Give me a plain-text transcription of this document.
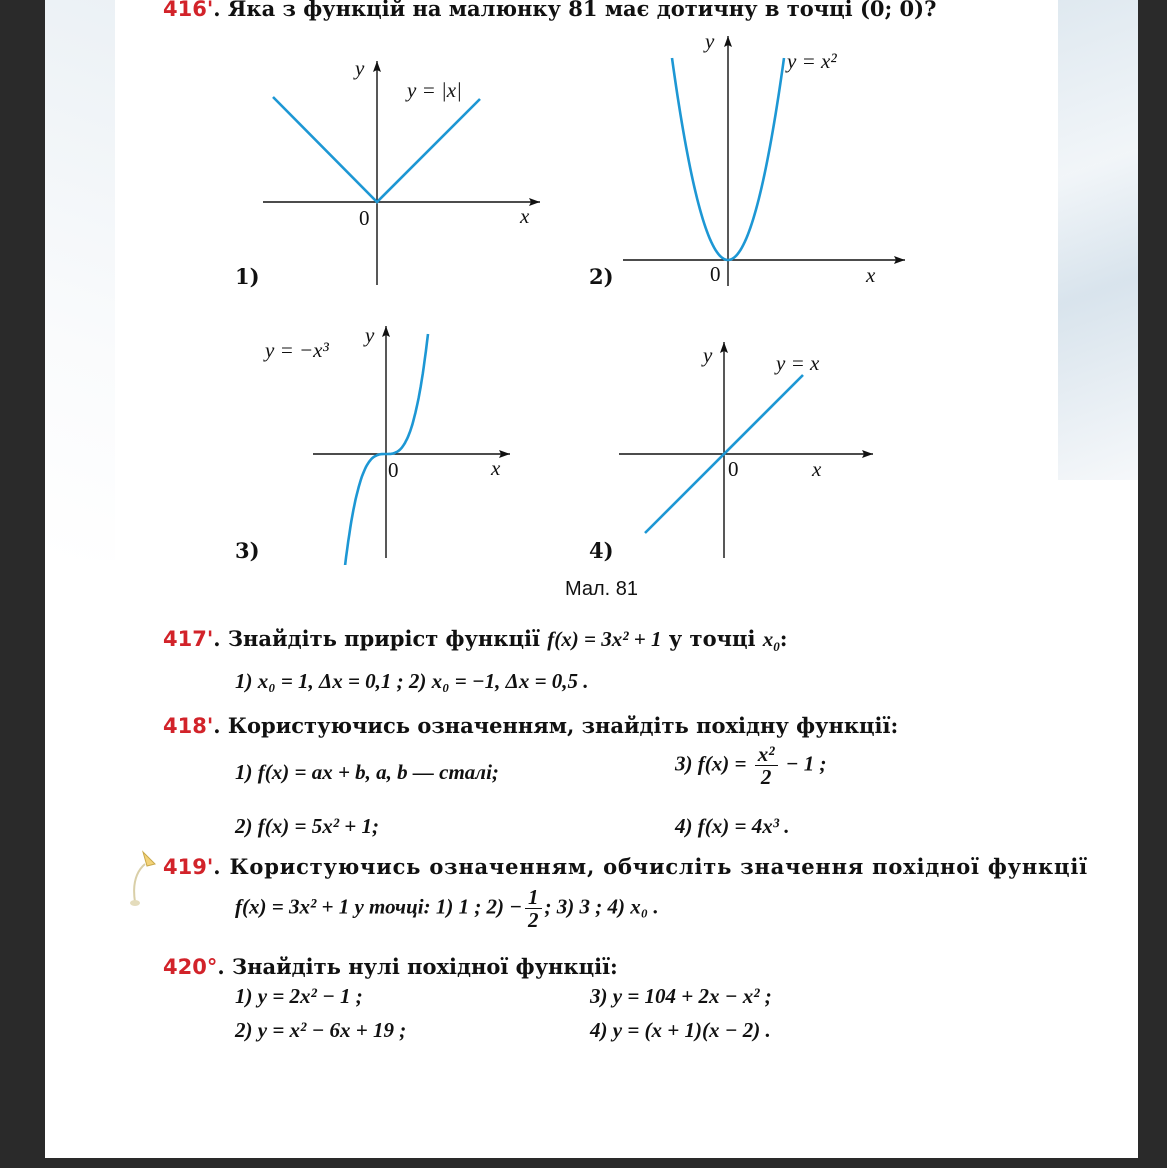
416'. Яка з функцій на малюнку 81 має дотичну в точці (0; 0)?
y
x
0
y = |x|
1)
y
x
0
y = x²
2)
y
x
0
y = −x³
3)
y
x
0
y = x
4)
Мал. 81
417'. Знайдіть приріст функції f(x) = 3x² + 1 у точці $x_0$:
1) x₀ = 1, Δx = 0,1 ; 2) x₀ = −1, Δx = 0,5 .
418'. Користуючись означенням, знайдіть похідну функції:
1) f(x) = ax + b, a, b — сталі;	3) $f(x) = \frac{\text{x²}}{2} - 1$ ;
2) f(x) = 5x² + 1;	4) f(x) = 4x³ .
419'. Користуючись означенням, обчисліть значення похідної функції
f(x) = 3x² + 1 у точці: 1) 1 ; $2) - \frac{1}{2}$ ; 3) 3 ; 4) x₀ .
420°. Знайдіть нулі похідної функції:
1) y = 2x² − 1 ;	3) y = 104 + 2x − x² ;
2) y = x² − 6x + 19 ;	4) y = (x + 1)(x − 2) .
